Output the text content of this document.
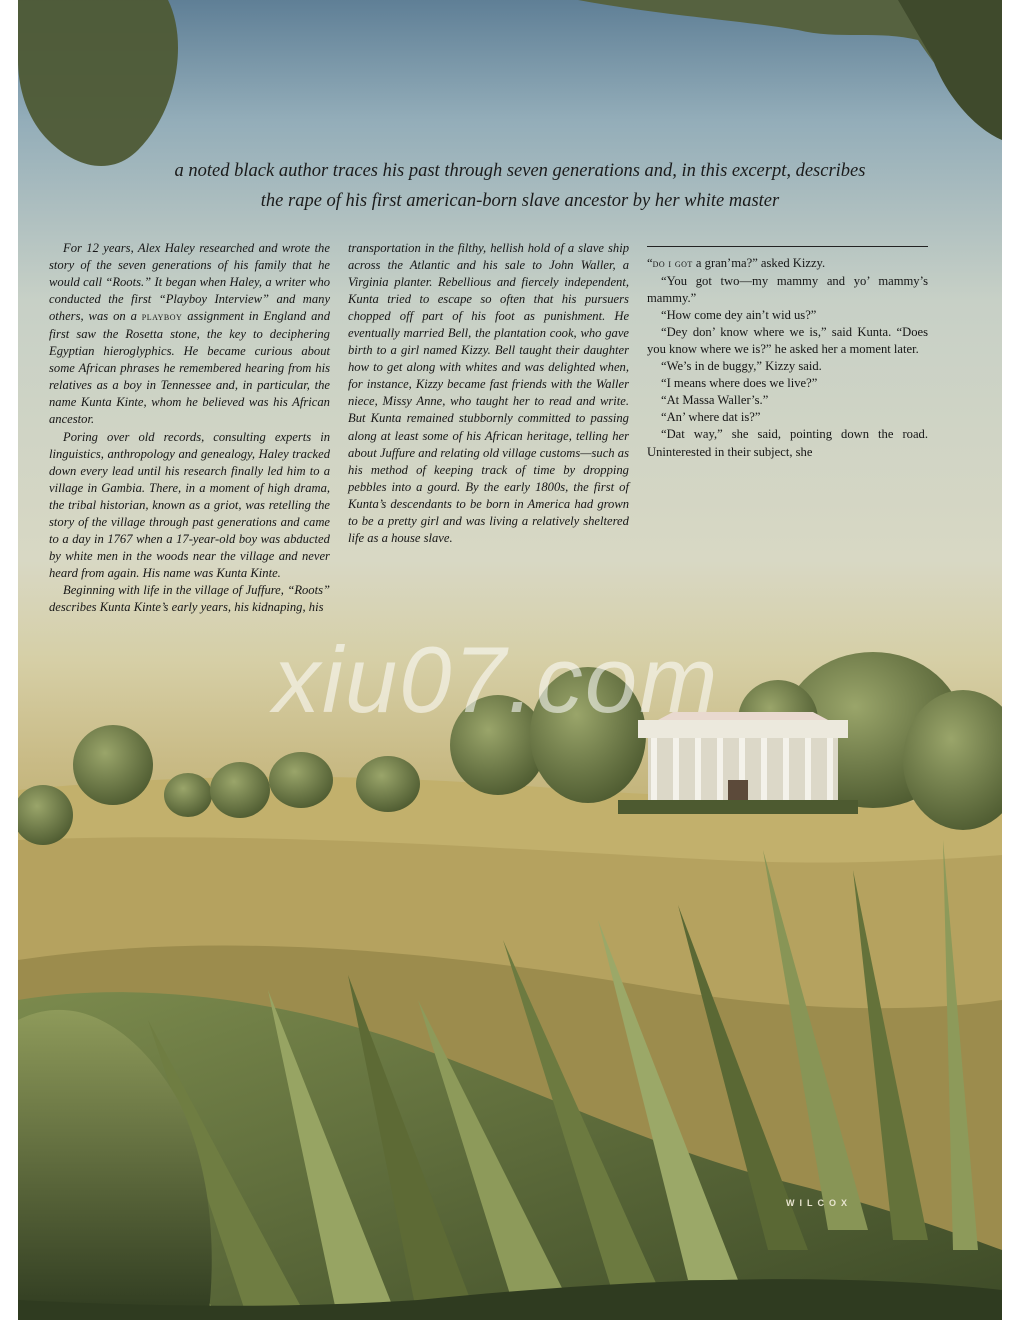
a noted black author traces his past through seven generations and, in this excerpt, describes
the rape of his first american-born slave ancestor by her white master

xiu07.com
WILCOX

For 12 years, Alex Haley researched and wrote the story of the seven generations of his family that he would call “Roots.” It began when Haley, a writer who conducted the first “Playboy Interview” and many others, was on a playboy assignment in England and first saw the Rosetta stone, the key to deciphering Egyptian hieroglyphics. He became curious about some African phrases he remembered hearing from his relatives as a boy in Tennessee and, in particular, the name Kunta Kinte, whom he believed was his African ancestor.

Poring over old records, consulting experts in linguistics, anthropology and genealogy, Haley tracked down every lead until his research finally led him to a village in Gambia. There, in a moment of high drama, the tribal historian, known as a griot, was retelling the story of the village through past generations and came to a day in 1767 when a 17-year-old boy was abducted by white men in the woods near the village and never heard from again. His name was Kunta Kinte.

Beginning with life in the village of Juffure, “Roots” describes Kunta Kinte’s early years, his kidnaping, his

transportation in the filthy, hellish hold of a slave ship across the Atlantic and his sale to John Waller, a Virginia planter. Rebellious and fiercely independent, Kunta tried to escape so often that his pursuers chopped off part of his foot as punishment. He eventually married Bell, the plantation cook, who gave birth to a girl named Kizzy. Bell taught their daughter how to get along with whites and was delighted when, for instance, Kizzy became fast friends with the Waller niece, Missy Anne, who taught her to read and write. But Kunta remained stubbornly committed to passing along at least some of his African heritage, telling her about Juffure and relating old village customs—such as his method of keeping track of time by dropping pebbles into a gourd. By the early 1800s, the first of Kunta’s descendants to be born in America had grown to be a pretty girl and was living a relatively sheltered life as a house slave.

“do i got a gran’ma?” asked Kizzy.

“You got two—my mammy and yo’ mammy’s mammy.”

“How come dey ain’t wid us?”

“Dey don’ know where we is,” said Kunta. “Does you know where we is?” he asked her a moment later.

“We’s in de buggy,” Kizzy said.

“I means where does we live?”

“At Massa Waller’s.”

“An’ where dat is?”

“Dat way,” she said, pointing down the road. Uninterested in their subject, she
